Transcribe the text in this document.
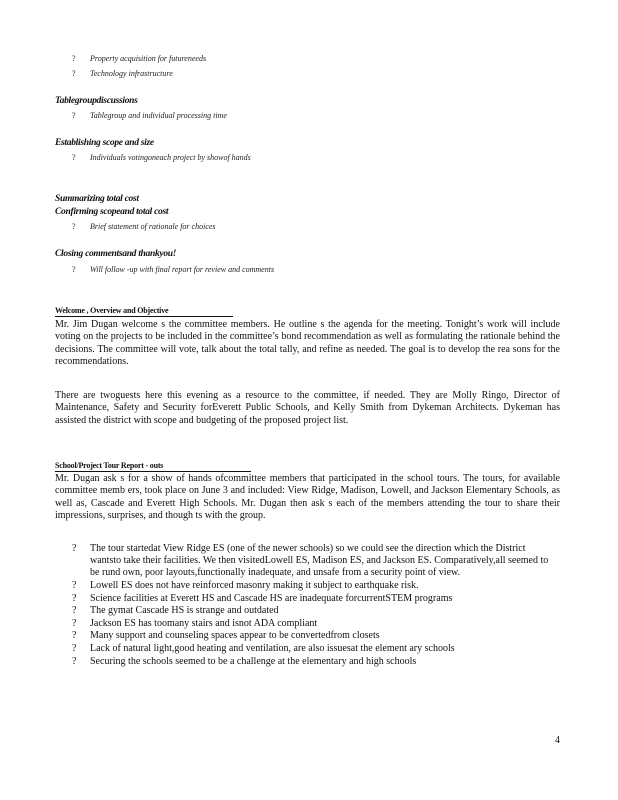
? Property acquisition for futureneeds
? Technology infrastructure
Tablegroupdiscussions
? Tablegroup and individual processing time
Establishing scope and size
? Individuals votingoneach project by showof hands
Summarizing total cost
Confirming scopeand total cost
? Brief statement of rationale for choices
Closing commentsand thankyou!
? Will follow -up with final report for review and comments
Welcome , Overview and Objective

Mr. Jim Dugan welcome s the committee members. He outline s the agenda for the meeting. Tonight’s work will include voting on the projects to be included in the committee’s bond recommendation as well as formulating the rationale behind the decisions. The committee will vote, talk about the total tally, and refine as needed. The goal is to develop the rea sons for the recommendations.

There are twoguests here this evening as a resource to the committee, if needed. They are Molly Ringo, Director of Maintenance, Safety and Security forEverett Public Schools, and Kelly Smith from Dykeman Architects. Dykeman has assisted the district with scope and budgeting of the proposed project list.

School/Project Tour Report - outs

Mr. Dugan ask s for a show of hands ofcommittee members that participated in the school tours. The tours, for available committee memb ers, took place on June 3 and included: View Ridge, Madison, Lowell, and Jackson Elementary Schools, as well as, Cascade and Everett High Schools. Mr. Dugan then ask s each of the members attending the tour to share their impressions, surprises, and though ts with the group.

? The tour startedat View Ridge ES (one of the newer schools) so we could see the direction which the District wantsto take their facilities. We then visitedLowell ES, Madison ES, and Jackson ES. Comparatively,all seemed to be rund own, poor layouts,functionally inadequate, and unsafe from a security point of view.
? Lowell ES does not have reinforced masonry making it subject to earthquake risk.
? Science facilities at Everett HS and Cascade HS are inadequate forcurrentSTEM programs
? The gymat Cascade HS is strange and outdated
? Jackson ES has toomany stairs and isnot ADA compliant
? Many support and counseling spaces appear to be convertedfrom closets
? Lack of natural light,good heating and ventilation, are also issuesat the element ary schools
? Securing the schools seemed to be a challenge at the elementary and high schools
4
